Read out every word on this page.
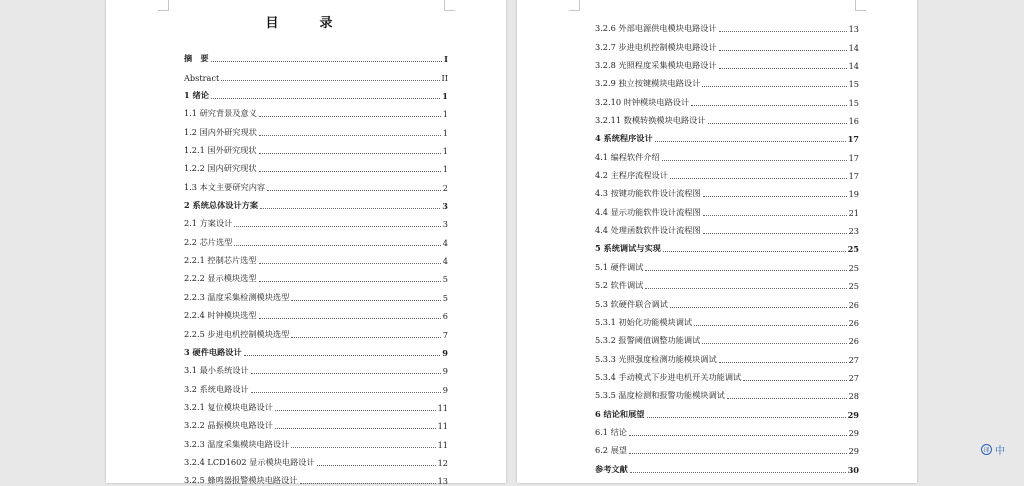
目　录
摘　要	I
Abstract	II
1 绪论	1
1.1 研究背景及意义	1
1.2 国内外研究现状	1
1.2.1 国外研究现状	1
1.2.2 国内研究现状	1
1.3 本文主要研究内容	2
2 系统总体设计方案	3
2.1 方案设计	3
2.2 芯片选型	4
2.2.1 控制芯片选型	4
2.2.2 显示模块选型	5
2.2.3 温度采集检测模块选型	5
2.2.4 时钟模块选型	6
2.2.5 步进电机控制模块选型	7
3 硬件电路设计	9
3.1 最小系统设计	9
3.2 系统电路设计	9
3.2.1 复位模块电路设计	11
3.2.2 晶振模块电路设计	11
3.2.3 温度采集模块电路设计	11
3.2.4 LCD1602 显示模块电路设计	12
3.2.5 蜂鸣器报警模块电路设计	13
3.2.6 外部电源供电模块电路设计	13
3.2.7 步进电机控制模块电路设计	14
3.2.8 光照程度采集模块电路设计	14
3.2.9 独立按键模块电路设计	15
3.2.10 时钟模块电路设计	15
3.2.11 数模转换模块电路设计	16
4 系统程序设计	17
4.1 编程软件介绍	17
4.2 主程序流程设计	17
4.3 按键功能软件设计流程图	19
4.4 显示功能软件设计流程图	21
4.4 处理函数软件设计流程图	23
5 系统调试与实现	25
5.1 硬件调试	25
5.2 软件调试	25
5.3 软硬件联合调试	26
5.3.1 初始化功能模块调试	26
5.3.2 报警阈值调整功能调试	26
5.3.3 光照强度检测功能模块调试	27
5.3.4 手动模式下步进电机开关功能调试	27
5.3.5 温度检测和报警功能模块调试	28
6 结论和展望	29
6.1 结论	29
6.2 展望	29
参考文献	30
译 中
